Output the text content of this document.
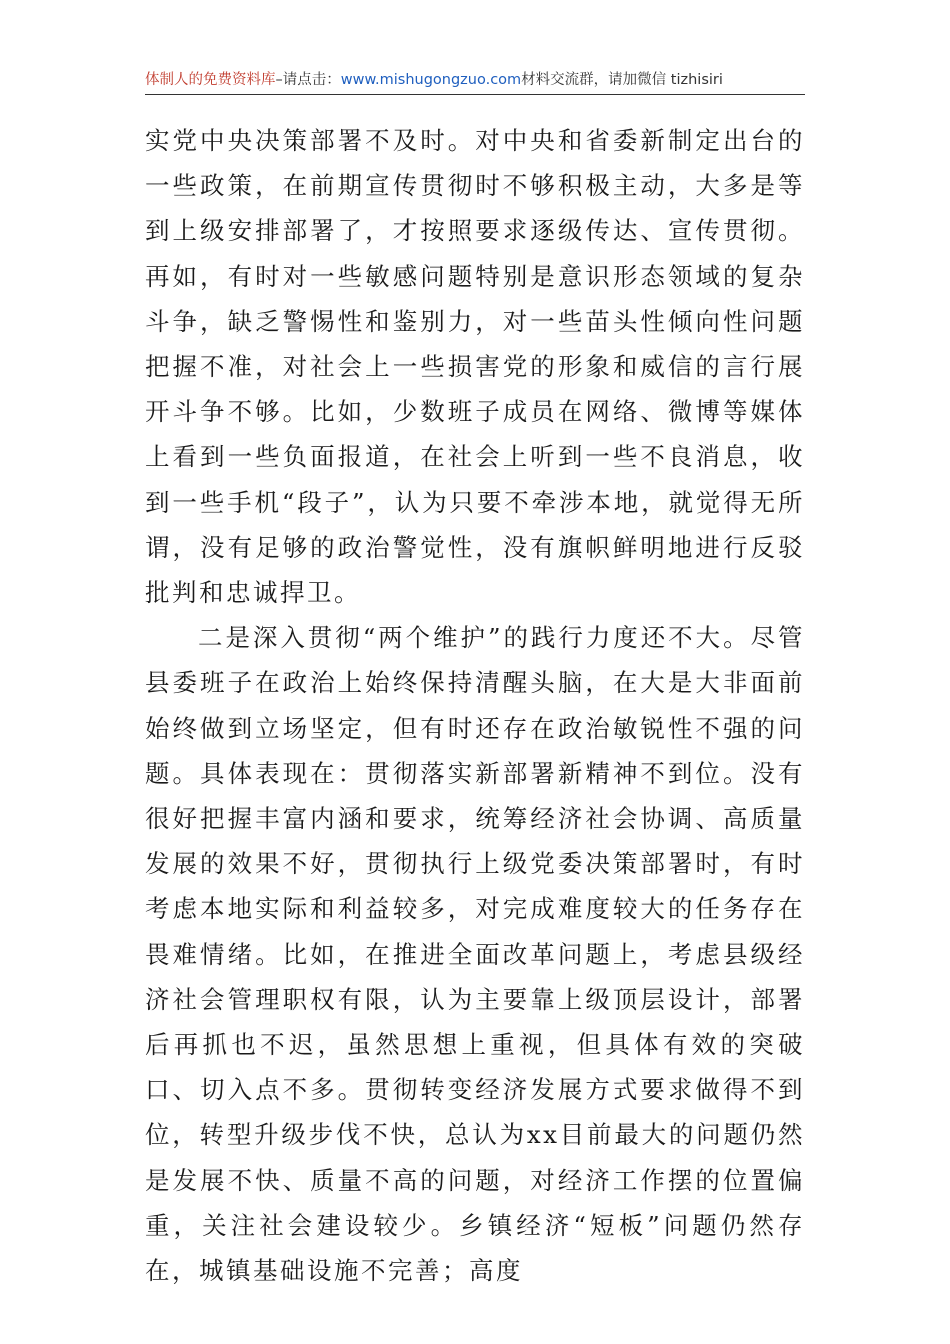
体制人的免费资料库–请点击：www.mishugongzuo.com材料交流群，请加微信 tizhisiri

实党中央决策部署不及时。对中央和省委新制定出台的一些政策，在前期宣传贯彻时不够积极主动，大多是等到上级安排部署了，才按照要求逐级传达、宣传贯彻。再如，有时对一些敏感问题特别是意识形态领域的复杂斗争，缺乏警惕性和鉴别力，对一些苗头性倾向性问题把握不准，对社会上一些损害党的形象和威信的言行展开斗争不够。比如，少数班子成员在网络、微博等媒体上看到一些负面报道，在社会上听到一些不良消息，收到一些手机“段子”，认为只要不牵涉本地，就觉得无所谓，没有足够的政治警觉性，没有旗帜鲜明地进行反驳批判和忠诚捍卫。

二是深入贯彻“两个维护”的践行力度还不大。尽管县委班子在政治上始终保持清醒头脑，在大是大非面前始终做到立场坚定，但有时还存在政治敏锐性不强的问题。具体表现在：贯彻落实新部署新精神不到位。没有很好把握丰富内涵和要求，统筹经济社会协调、高质量发展的效果不好，贯彻执行上级党委决策部署时，有时考虑本地实际和利益较多，对完成难度较大的任务存在畏难情绪。比如，在推进全面改革问题上，考虑县级经济社会管理职权有限，认为主要靠上级顶层设计，部署后再抓也不迟，虽然思想上重视，但具体有效的突破口、切入点不多。贯彻转变经济发展方式要求做得不到位，转型升级步伐不快，总认为xx目前最大的问题仍然是发展不快、质量不高的问题，对经济工作摆的位置偏重，关注社会建设较少。乡镇经济“短板”问题仍然存在，城镇基础设施不完善；高度
